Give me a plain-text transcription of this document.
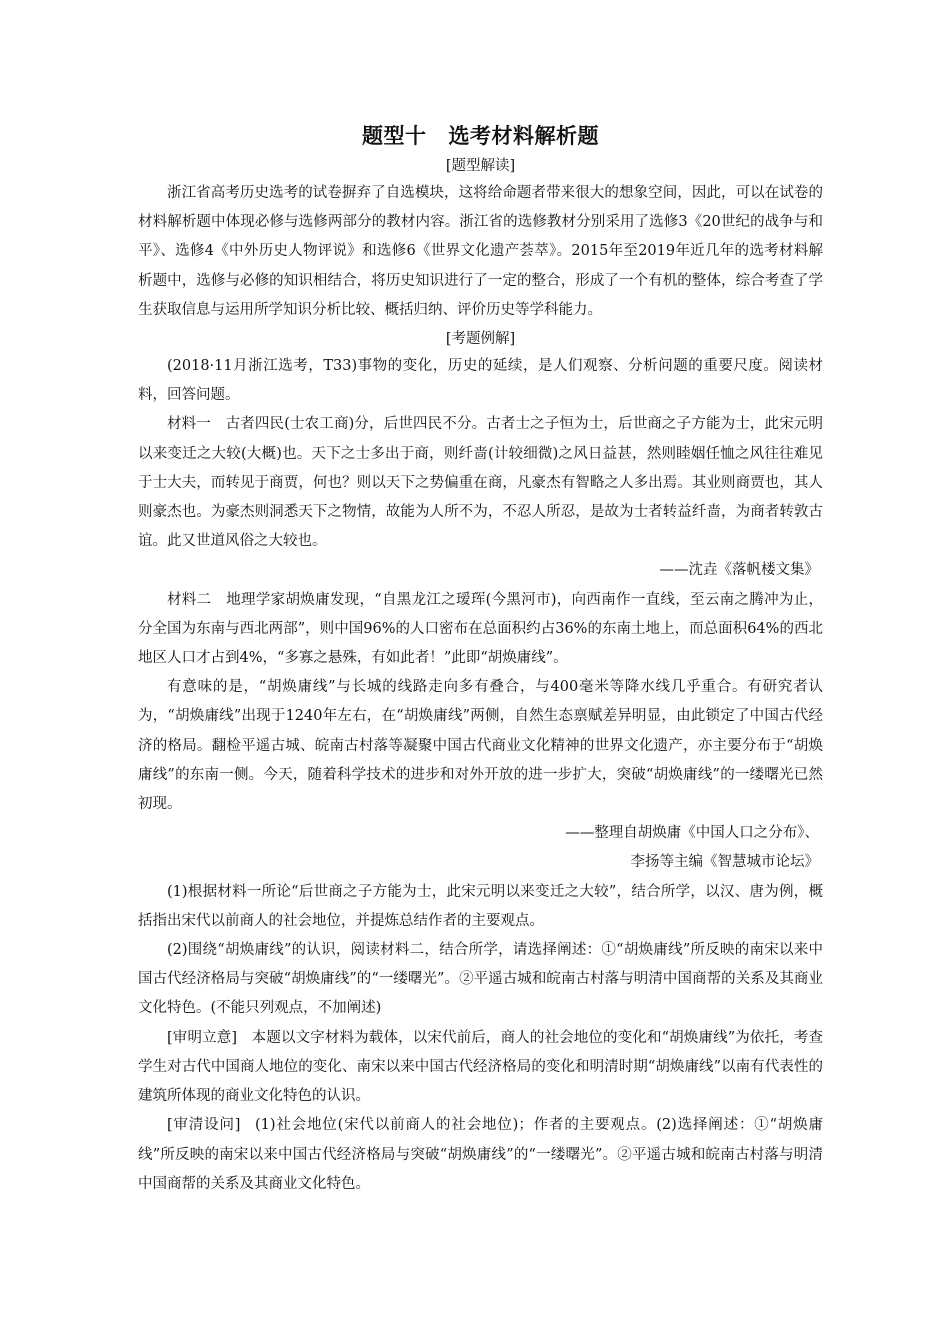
题型十 选考材料解析题
[题型解读]

浙江省高考历史选考的试卷摒弃了自选模块，这将给命题者带来很大的想象空间，因此，可以在试卷的材料解析题中体现必修与选修两部分的教材内容。浙江省的选修教材分别采用了选修3《20世纪的战争与和平》、选修4《中外历史人物评说》和选修6《世界文化遗产荟萃》。2015年至2019年近几年的选考材料解析题中，选修与必修的知识相结合，将历史知识进行了一定的整合，形成了一个有机的整体，综合考查了学生获取信息与运用所学知识分析比较、概括归纳、评价历史等学科能力。

[考题例解]

(2018·11月浙江选考，T33)事物的变化，历史的延续，是人们观察、分析问题的重要尺度。阅读材料，回答问题。

材料一 古者四民(士农工商)分，后世四民不分。古者士之子恒为士，后世商之子方能为士，此宋元明以来变迁之大较(大概)也。天下之士多出于商，则纤啬(计较细微)之风日益甚，然则睦姻任恤之风往往难见于士大夫，而转见于商贾，何也？则以天下之势偏重在商，凡豪杰有智略之人多出焉。其业则商贾也，其人则豪杰也。为豪杰则洞悉天下之物情，故能为人所不为，不忍人所忍，是故为士者转益纤啬，为商者转敦古谊。此又世道风俗之大较也。

——沈垚《落帆楼文集》

材料二 地理学家胡焕庸发现，“自黑龙江之瑷珲(今黑河市)，向西南作一直线，至云南之腾冲为止，分全国为东南与西北两部”，则中国96%的人口密布在总面积约占36%的东南土地上，而总面积64%的西北地区人口才占到4%，“多寡之悬殊，有如此者！”此即“胡焕庸线”。

有意味的是，“胡焕庸线”与长城的线路走向多有叠合，与400毫米等降水线几乎重合。有研究者认为，“胡焕庸线”出现于1240年左右，在“胡焕庸线”两侧，自然生态禀赋差异明显，由此锁定了中国古代经济的格局。翻检平遥古城、皖南古村落等凝聚中国古代商业文化精神的世界文化遗产，亦主要分布于“胡焕庸线”的东南一侧。今天，随着科学技术的进步和对外开放的进一步扩大，突破“胡焕庸线”的一缕曙光已然初现。

——整理自胡焕庸《中国人口之分布》、
李扬等主编《智慧城市论坛》

(1)根据材料一所论“后世商之子方能为士，此宋元明以来变迁之大较”，结合所学，以汉、唐为例，概括指出宋代以前商人的社会地位，并提炼总结作者的主要观点。

(2)围绕“胡焕庸线”的认识，阅读材料二，结合所学，请选择阐述：①“胡焕庸线”所反映的南宋以来中国古代经济格局与突破“胡焕庸线”的“一缕曙光”。②平遥古城和皖南古村落与明清中国商帮的关系及其商业文化特色。(不能只列观点，不加阐述)

[审明立意] 本题以文字材料为载体，以宋代前后，商人的社会地位的变化和“胡焕庸线”为依托，考查学生对古代中国商人地位的变化、南宋以来中国古代经济格局的变化和明清时期“胡焕庸线”以南有代表性的建筑所体现的商业文化特色的认识。

[审清设问] (1)社会地位(宋代以前商人的社会地位)；作者的主要观点。(2)选择阐述：①“胡焕庸线”所反映的南宋以来中国古代经济格局与突破“胡焕庸线”的“一缕曙光”。②平遥古城和皖南古村落与明清中国商帮的关系及其商业文化特色。
